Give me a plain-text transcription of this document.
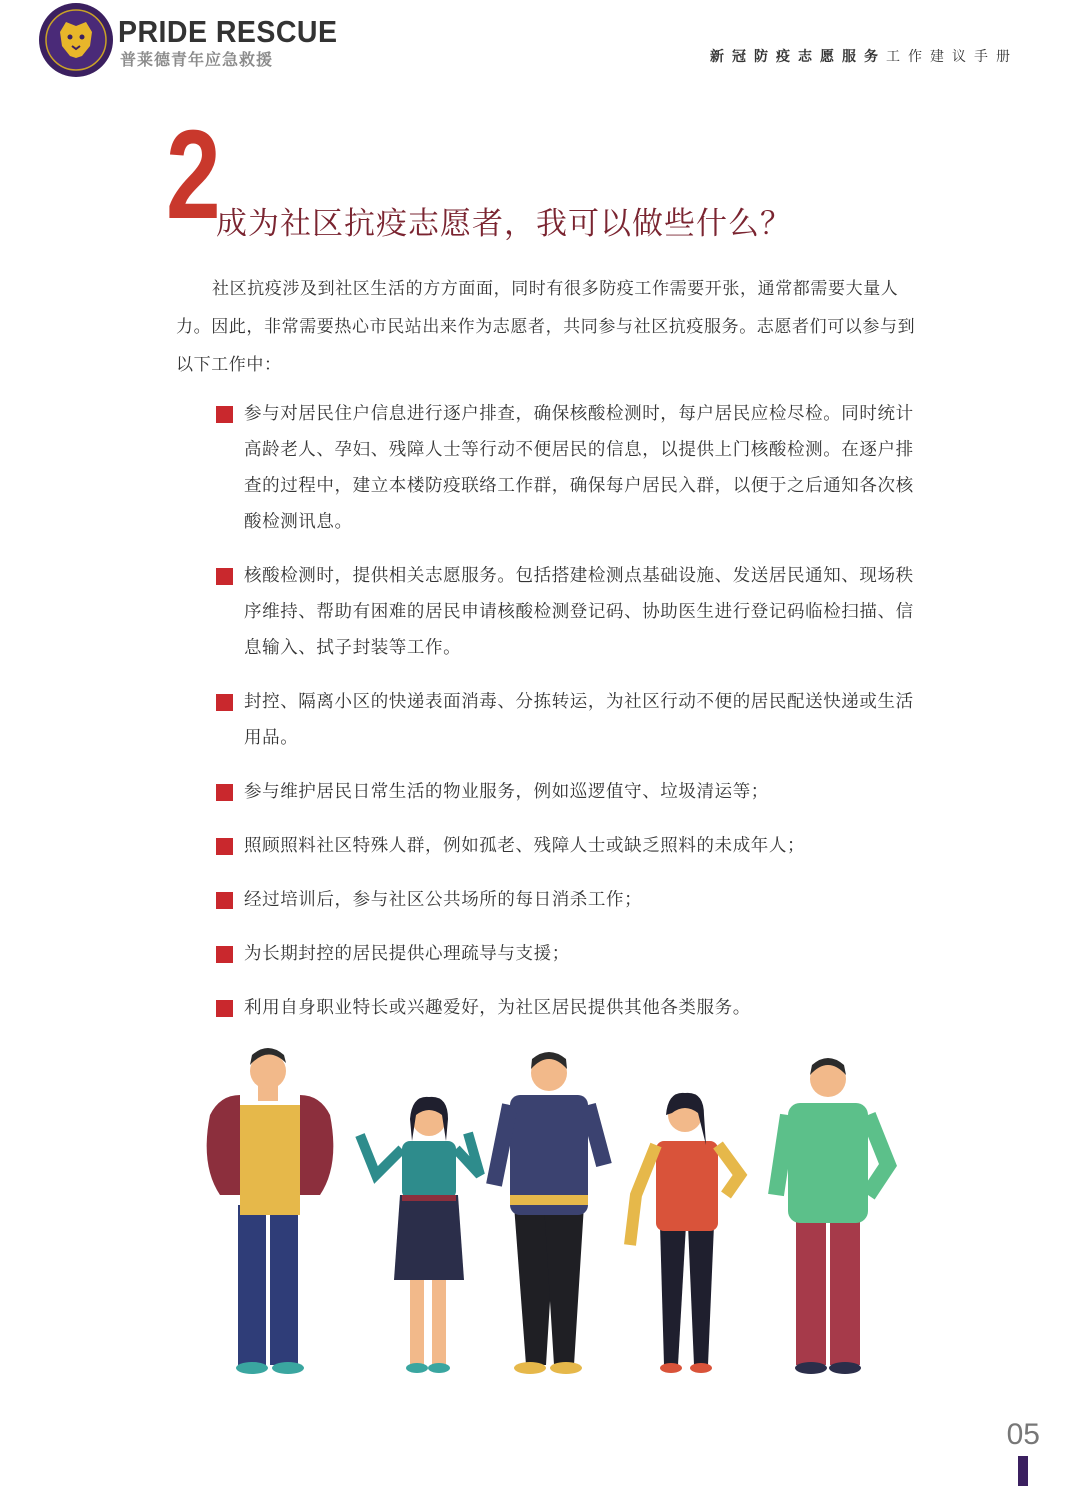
PRIDE RESCUE
普莱德青年应急救援	新冠防疫志愿服务工作建议手册
2
成为社区抗疫志愿者，我可以做些什么？

社区抗疫涉及到社区生活的方方面面，同时有很多防疫工作需要开张，通常都需要大量人力。因此，非常需要热心市民站出来作为志愿者，共同参与社区抗疫服务。志愿者们可以参与到以下工作中：

参与对居民住户信息进行逐户排查，确保核酸检测时，每户居民应检尽检。同时统计高龄老人、孕妇、残障人士等行动不便居民的信息，以提供上门核酸检测。在逐户排查的过程中，建立本楼防疫联络工作群，确保每户居民入群，以便于之后通知各次核酸检测讯息。
核酸检测时，提供相关志愿服务。包括搭建检测点基础设施、发送居民通知、现场秩序维持、帮助有困难的居民申请核酸检测登记码、协助医生进行登记码临检扫描、信息输入、拭子封装等工作。
封控、隔离小区的快递表面消毒、分拣转运，为社区行动不便的居民配送快递或生活用品。
参与维护居民日常生活的物业服务，例如巡逻值守、垃圾清运等；
照顾照料社区特殊人群，例如孤老、残障人士或缺乏照料的未成年人；
经过培训后，参与社区公共场所的每日消杀工作；
为长期封控的居民提供心理疏导与支援；
利用自身职业特长或兴趣爱好，为社区居民提供其他各类服务。
05
